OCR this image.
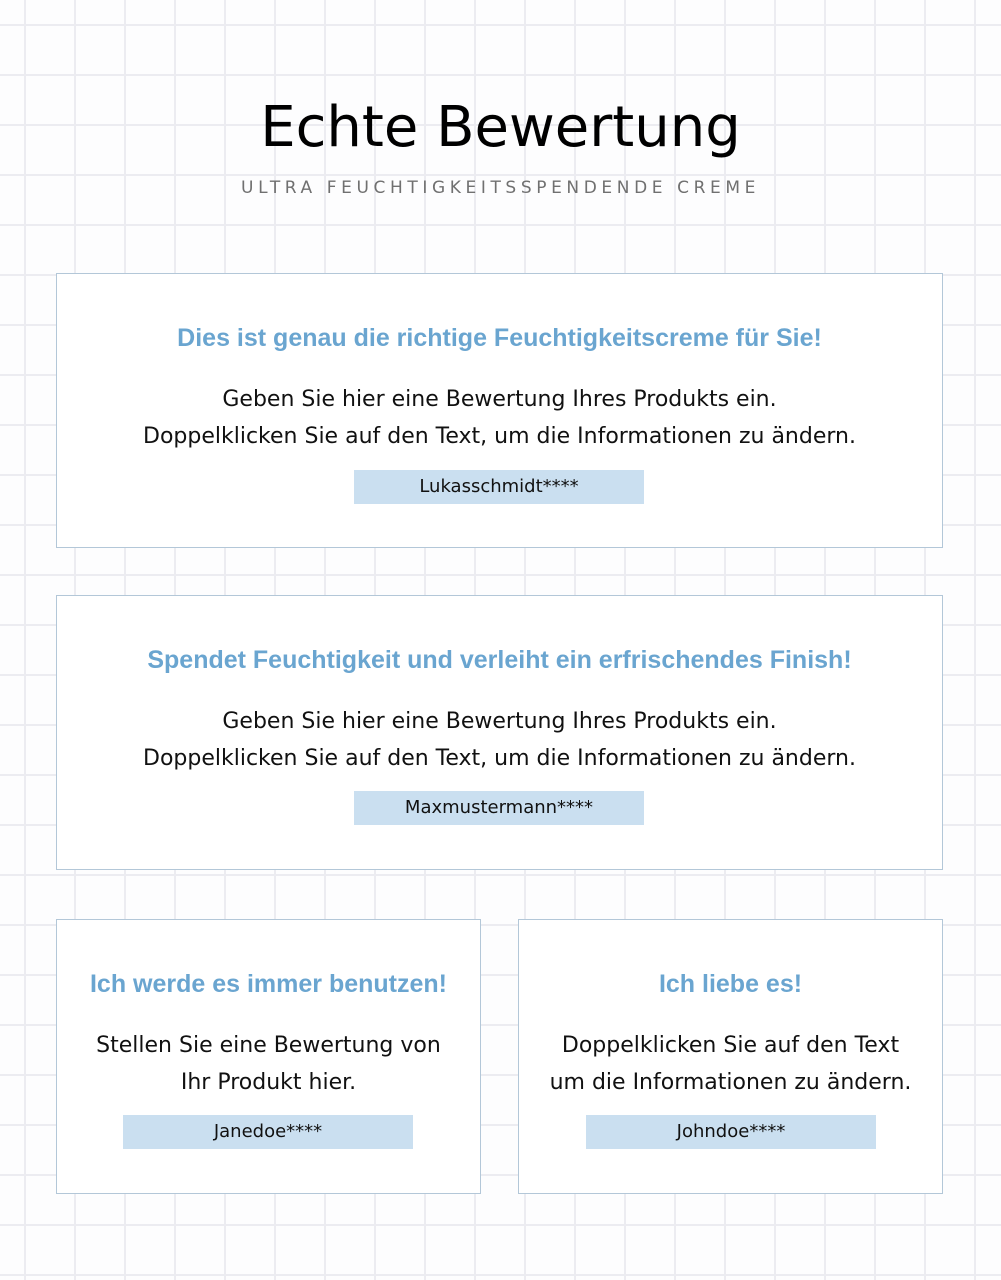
Echte Bewertung
ULTRA FEUCHTIGKEITSSPENDENDE CREME
Dies ist genau die richtige Feuchtigkeitscreme für Sie!
Geben Sie hier eine Bewertung Ihres Produkts ein.
Doppelklicken Sie auf den Text, um die Informationen zu ändern.
Lukasschmidt****
Spendet Feuchtigkeit und verleiht ein erfrischendes Finish!
Geben Sie hier eine Bewertung Ihres Produkts ein.
Doppelklicken Sie auf den Text, um die Informationen zu ändern.
Maxmustermann****
Ich werde es immer benutzen!
Stellen Sie eine Bewertung von
Ihr Produkt hier.
Janedoe****
Ich liebe es!
Doppelklicken Sie auf den Text
um die Informationen zu ändern.
Johndoe****
